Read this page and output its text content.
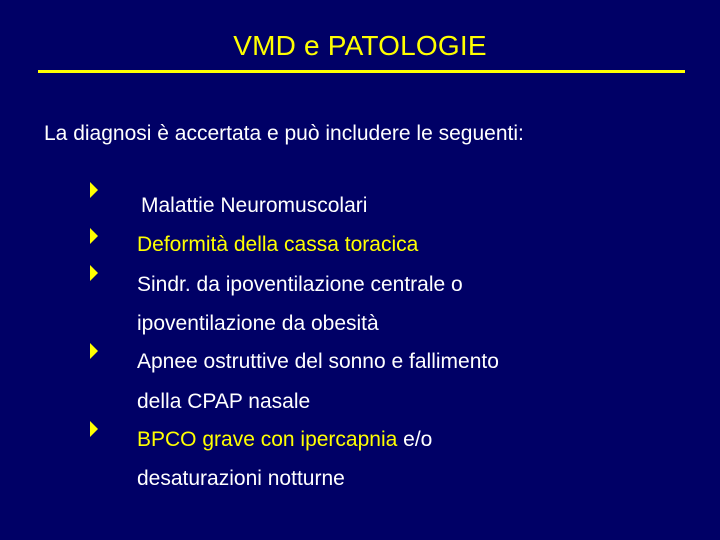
VMD e PATOLOGIE
La diagnosi è accertata e può includere le seguenti:
Malattie Neuromuscolari
Deformità della cassa toracica
Sindr. da ipoventilazione centrale o
ipoventilazione da obesità
Apnee ostruttive del sonno e fallimento
della CPAP nasale
BPCO grave con ipercapnia e/o
desaturazioni notturne
